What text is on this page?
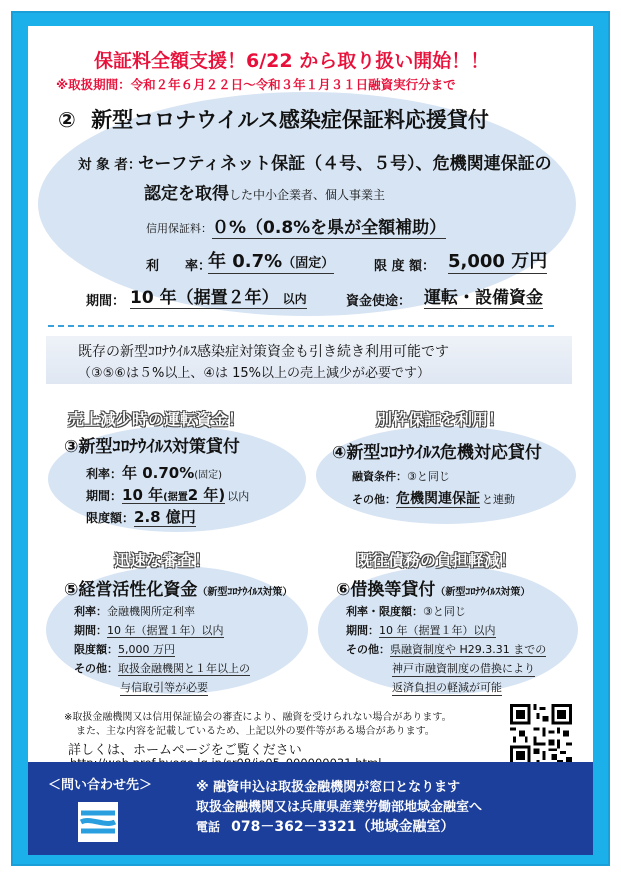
保証料全額支援！6/22 から取り扱い開始！！
※取扱期間：令和２年６月２２日～令和３年１月３１日融資実行分まで
② 新型コロナウイルス感染症保証料応援貸付
対 象 者：
セーフティネット保証（４号、５号）、危機関連保証の
認定を取得した中小企業者、個人事業主
信用保証料： ０%（0.8%を県が全額補助）
利　　率：
年 0.7%（固定）	限 度 額： 5,000 万円
期間： 10 年（据置２年） 以内	資金使途： 運転・設備資金
既存の新型ｺﾛﾅｳｲﾙｽ感染症対策資金も引き続き利用可能です
（③⑤⑥は５%以上、④は 15%以上の売上減少が必要です）
売上減少時の運転資金！
③新型ｺﾛﾅｳｲﾙｽ対策貸付
利率：年 0.70%(固定)
期間：10 年(据置2 年) 以内
限度額：2.8 億円
別枠保証を利用！
④新型ｺﾛﾅｳｲﾙｽ危機対応貸付
融資条件：③と同じ
その他：危機関連保証 と連動
迅速な審査！
⑤経営活性化資金（新型ｺﾛﾅｳｲﾙｽ対策）
利率：金融機関所定利率
期間：10 年（据置１年）以内
限度額：5,000 万円
その他：取扱金融機関と１年以上の
与信取引等が必要
既往債務の負担軽減！
⑥借換等貸付（新型ｺﾛﾅｳｲﾙｽ対策）
利率・限度額：③と同じ
期間：10 年（据置１年）以内
その他：県融資制度や H29.3.31 までの
神戸市融資制度の借換により
返済負担の軽減が可能
※取扱金融機関又は信用保証協会の審査により、融資を受けられない場合があります。
また、主な内容を記載しているため、上記以外の要件等がある場合があります。
詳しくは、ホームページをご覧ください
＜問い合わせ先＞	※ 融資申込は取扱金融機関が窓口となります
取扱金融機関又は兵庫県産業労働部地域金融室へ
電話 078－362－3321（地域金融室）
